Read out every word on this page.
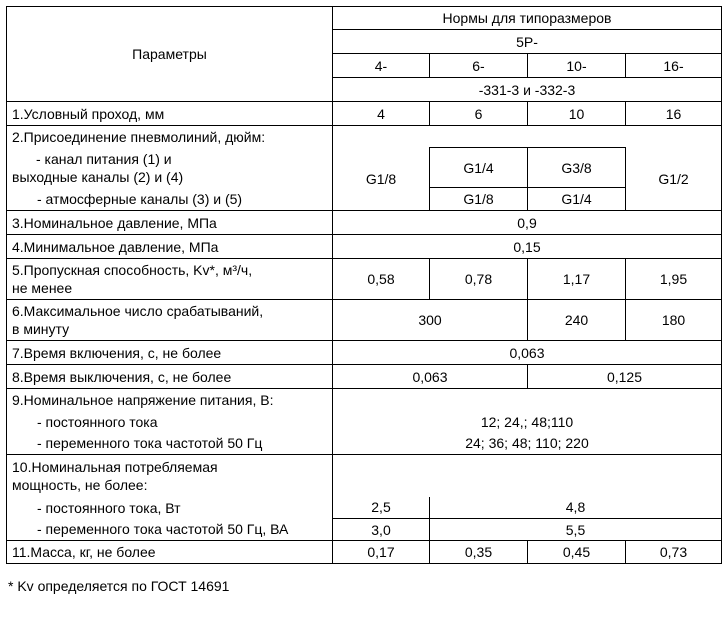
Параметры	Нормы для типоразмеров			
	5Р-			
	4-	6-	10-	16-
	-331-3 и -332-3			
1.Условный проход, мм	4	6	10	16
2.Присоединение пневмолиний, дюйм:				

- канал питания (1) и
выходные каналы (2) и (4)	G1/8	G1/4	G3/8	G1/2
- атмосферные каналы (3) и (5)		G1/8	G1/4	
3.Номинальное давление, МПа	0,9			
4.Минимальное давление, МПа	0,15			

5.Пропускная способность, Kv*, м³/ч,
не менее	0,58	0,78	1,17	1,95

6.Максимальное число срабатываний,
в минуту	300		240	180
7.Время включения, с, не более	0,063			
8.Время выключения, с, не более	0,063		0,125	
9.Номинальное напряжение питания, В:				
- постоянного тока	12; 24,; 48;110			
- переменного тока частотой 50 Гц	24; 36; 48; 110; 220			

10.Номинальная потребляемая
мощность, не более:				

- постоянного тока, Вт	2,5	4,8		
- переменного тока частотой 50 Гц, ВА	3,0	5,5		
11.Масса, кг, не более	0,17	0,35	0,45	0,73
* Kv определяется по ГОСТ 14691
